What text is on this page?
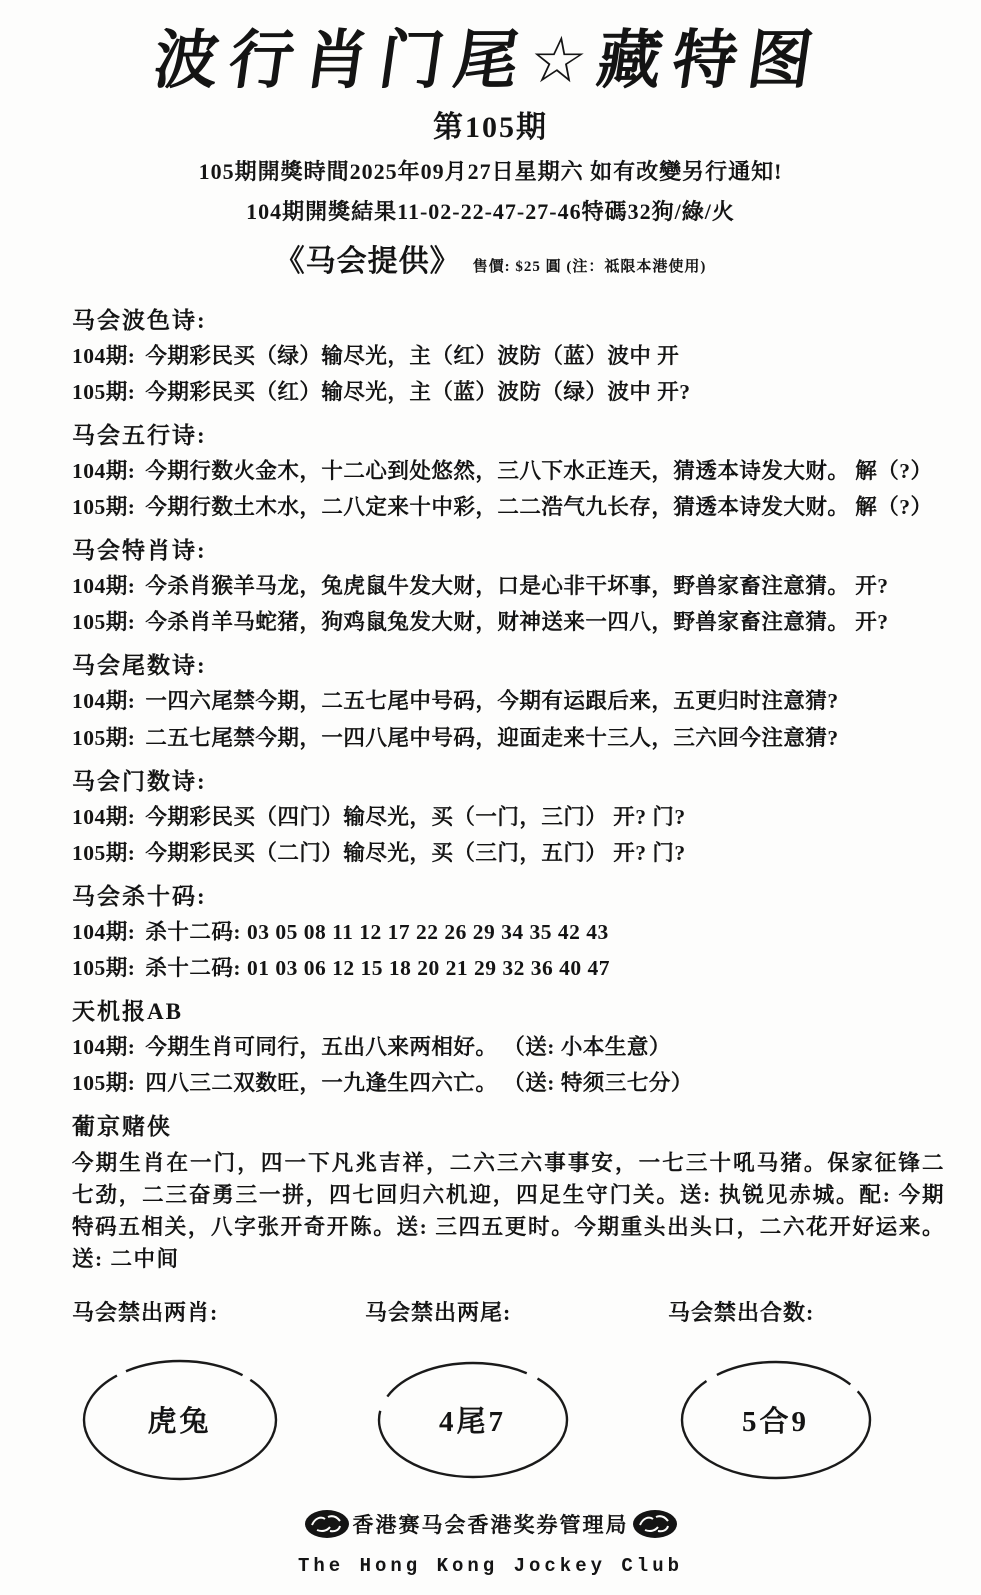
波行肖门尾☆藏特图
第105期
105期開獎時間2025年09月27日星期六 如有改變另行通知!
104期開獎結果11-02-22-47-27-46特碼32狗/綠/火
《马会提供》 售價: $25 圓 (注：祗限本港使用)
马会波色诗:

104期: 今期彩民买（绿）输尽光，主（红）波防（蓝）波中 开

105期: 今期彩民买（红）输尽光，主（蓝）波防（绿）波中 开?

马会五行诗:

104期: 今期行数火金木，十二心到处悠然，三八下水正连天，猜透本诗发大财。 解（?）

105期: 今期行数土木水，二八定来十中彩，二二浩气九长存，猜透本诗发大财。 解（?）

马会特肖诗:

104期: 今杀肖猴羊马龙，兔虎鼠牛发大财，口是心非干坏事，野兽家畜注意猜。 开?

105期: 今杀肖羊马蛇猪，狗鸡鼠兔发大财，财神送来一四八，野兽家畜注意猜。 开?

马会尾数诗:

104期: 一四六尾禁今期，二五七尾中号码，今期有运跟后来，五更归时注意猜?

105期: 二五七尾禁今期，一四八尾中号码，迎面走来十三人，三六回今注意猜?

马会门数诗:

104期: 今期彩民买（四门）输尽光，买（一门，三门） 开? 门?

105期: 今期彩民买（二门）输尽光，买（三门，五门） 开? 门?

马会杀十码:

104期: 杀十二码: 03 05 08 11 12 17 22 26 29 34 35 42 43

105期: 杀十二码: 01 03 06 12 15 18 20 21 29 32 36 40 47

天机报AB

104期: 今期生肖可同行，五出八来两相好。 （送: 小本生意）

105期: 四八三二双数旺，一九逢生四六亡。 （送: 特须三七分）

葡京赌侠

今期生肖在一门，四一下凡兆吉祥，二六三六事事安，一七三十吼马猪。保家征锋二七劲，二三奋勇三一拼，四七回归六机迎，四足生守门关。送: 执锐见赤城。配: 今期特码五相关，八字张开奇开陈。送: 三四五更时。今期重头出头口，二六花开好运来。送: 二中间

马会禁出两肖:
虎兔
马会禁出两尾:
4尾7
马会禁出合数:
5合9
香港赛马会香港奖券管理局
The Hong Kong Jockey Club
